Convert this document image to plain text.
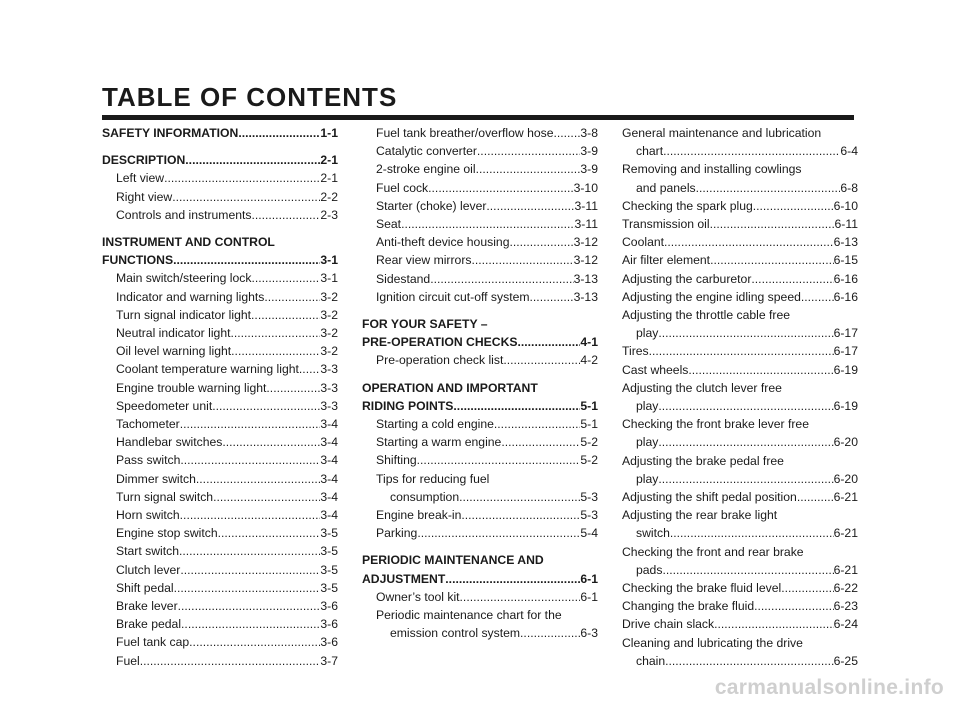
TABLE OF CONTENTS
SAFETY INFORMATION .....	1-1
DESCRIPTION .....	2-1
Left view .....	2-1
Right view .....	2-2
Controls and instruments .....	2-3
INSTRUMENT AND CONTROL
FUNCTIONS .....	3-1
Main switch/steering lock .....	3-1
Indicator and warning lights .....	3-2
Turn signal indicator light .....	3-2
Neutral indicator light .....	3-2
Oil level warning light .....	3-2
Coolant temperature warning light ..... 3-3
Engine trouble warning light .....	3-3
Speedometer unit .....	3-3
Tachometer .....	3-4
Handlebar switches .....	3-4
Pass switch .....	3-4
Dimmer switch .....	3-4
Turn signal switch .....	3-4
Horn switch .....	3-4
Engine stop switch .....	3-5
Start switch .....	3-5
Clutch lever .....	3-5
Shift pedal .....	3-5
Brake lever .....	3-6
Brake pedal .....	3-6
Fuel tank cap .....	3-6
Fuel .....	3-7
Fuel tank breather/overflow hose ..... 3-8
Catalytic converter .....	3-9
2-stroke engine oil .....	3-9
Fuel cock .....	3-10
Starter (choke) lever .....	3-11
Seat .....	3-11
Anti-theft device housing .....	3-12
Rear view mirrors .....	3-12
Sidestand .....	3-13
Ignition circuit cut-off system .....	3-13
FOR YOUR SAFETY –
PRE-OPERATION CHECKS .....	4-1
Pre-operation check list .....	4-2
OPERATION AND IMPORTANT
RIDING POINTS .....	5-1
Starting a cold engine .....	5-1
Starting a warm engine .....	5-2
Shifting .....	5-2
Tips for reducing fuel
consumption .....	5-3
Engine break-in .....	5-3
Parking .....	5-4
PERIODIC MAINTENANCE AND
ADJUSTMENT .....	6-1
Owner’s tool kit .....	6-1
Periodic maintenance chart for the
emission control system .....	6-3
General maintenance and lubrication
chart .....	6-4
Removing and installing cowlings
and panels .....	6-8
Checking the spark plug .....	6-10
Transmission oil .....	6-11
Coolant .....	6-13
Air filter element .....	6-15
Adjusting the carburetor .....	6-16
Adjusting the engine idling speed .....	6-16
Adjusting the throttle cable free
play .....	6-17
Tires .....	6-17
Cast wheels .....	6-19
Adjusting the clutch lever free
play .....	6-19
Checking the front brake lever free
play .....	6-20
Adjusting the brake pedal free
play .....	6-20
Adjusting the shift pedal position .....	6-21
Adjusting the rear brake light
switch .....	6-21
Checking the front and rear brake
pads .....	6-21
Checking the brake fluid level .....	6-22
Changing the brake fluid .....	6-23
Drive chain slack .....	6-24
Cleaning and lubricating the drive
chain .....	6-25
carmanualsonline.info
